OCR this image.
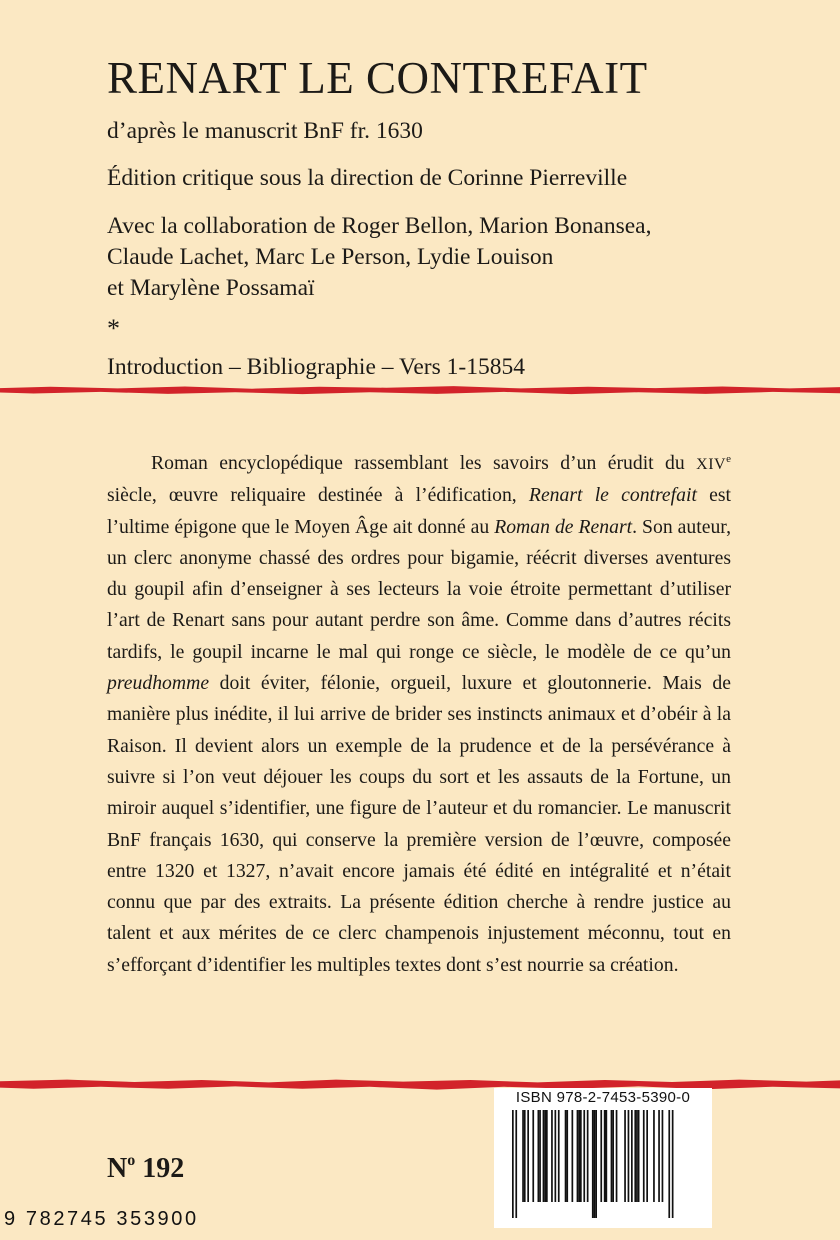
RENART LE CONTREFAIT
d’après le manuscrit BnF fr. 1630
Édition critique sous la direction de Corinne Pierreville
Avec la collaboration de Roger Bellon, Marion Bonansea,
Claude Lachet, Marc Le Person, Lydie Louison
et Marylène Possamaï
*
Introduction – Bibliographie – Vers 1-15854

Roman encyclopédique rassemblant les savoirs d’un érudit du XIVe siècle, œuvre reliquaire destinée à l’édification, Renart le contrefait est l’ultime épigone que le Moyen Âge ait donné au Roman de Renart. Son auteur, un clerc anonyme chassé des ordres pour bigamie, réécrit diverses aventures du goupil afin d’enseigner à ses lecteurs la voie étroite permettant d’utiliser l’art de Renart sans pour autant perdre son âme. Comme dans d’autres récits tardifs, le goupil incarne le mal qui ronge ce siècle, le modèle de ce qu’un preudhomme doit éviter, félonie, orgueil, luxure et gloutonnerie. Mais de manière plus inédite, il lui arrive de brider ses instincts animaux et d’obéir à la Raison. Il devient alors un exemple de la prudence et de la persévérance à suivre si l’on veut déjouer les coups du sort et les assauts de la Fortune, un miroir auquel s’identifier, une figure de l’auteur et du romancier. Le manuscrit BnF français 1630, qui conserve la première version de l’œuvre, composée entre 1320 et 1327, n’avait encore jamais été édité en intégralité et n’était connu que par des extraits. La présente édition cherche à rendre justice au talent et aux mérites de ce clerc champenois injustement méconnu, tout en s’efforçant d’identifier les multiples textes dont s’est nourrie sa création.

$N^o$ 192
ISBN 978-2-7453-5390-0
9 782745 353900
